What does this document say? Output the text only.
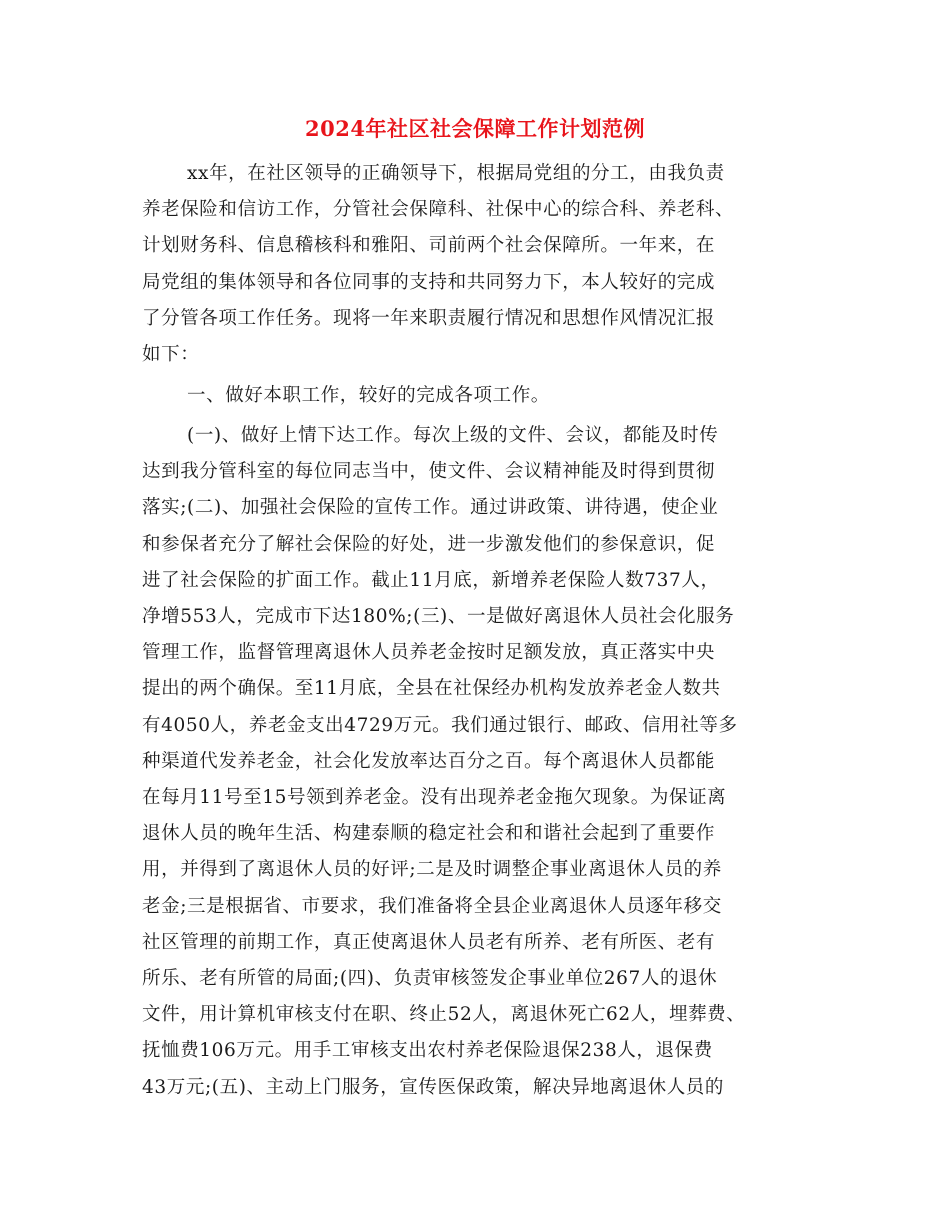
2024年社区社会保障工作计划范例
xx年，在社区领导的正确领导下，根据局党组的分工，由我负责
养老保险和信访工作，分管社会保障科、社保中心的综合科、养老科、
计划财务科、信息稽核科和雅阳、司前两个社会保障所。一年来，在
局党组的集体领导和各位同事的支持和共同努力下，本人较好的完成
了分管各项工作任务。现将一年来职责履行情况和思想作风情况汇报
如下：
一、做好本职工作，较好的完成各项工作。
(一)、做好上情下达工作。每次上级的文件、会议，都能及时传
达到我分管科室的每位同志当中，使文件、会议精神能及时得到贯彻
落实;(二)、加强社会保险的宣传工作。通过讲政策、讲待遇，使企业
和参保者充分了解社会保险的好处，进一步激发他们的参保意识，促
进了社会保险的扩面工作。截止11月底，新增养老保险人数737人，
净增553人，完成市下达180%;(三)、一是做好离退休人员社会化服务
管理工作，监督管理离退休人员养老金按时足额发放，真正落实中央
提出的两个确保。至11月底，全县在社保经办机构发放养老金人数共
有4050人，养老金支出4729万元。我们通过银行、邮政、信用社等多
种渠道代发养老金，社会化发放率达百分之百。每个离退休人员都能
在每月11号至15号领到养老金。没有出现养老金拖欠现象。为保证离
退休人员的晚年生活、构建泰顺的稳定社会和和谐社会起到了重要作
用，并得到了离退休人员的好评;二是及时调整企事业离退休人员的养
老金;三是根据省、市要求，我们准备将全县企业离退休人员逐年移交
社区管理的前期工作，真正使离退休人员老有所养、老有所医、老有
所乐、老有所管的局面;(四)、负责审核签发企事业单位267人的退休
文件，用计算机审核支付在职、终止52人，离退休死亡62人，埋葬费、
抚恤费106万元。用手工审核支出农村养老保险退保238人，退保费
43万元;(五)、主动上门服务，宣传医保政策，解决异地离退休人员的
